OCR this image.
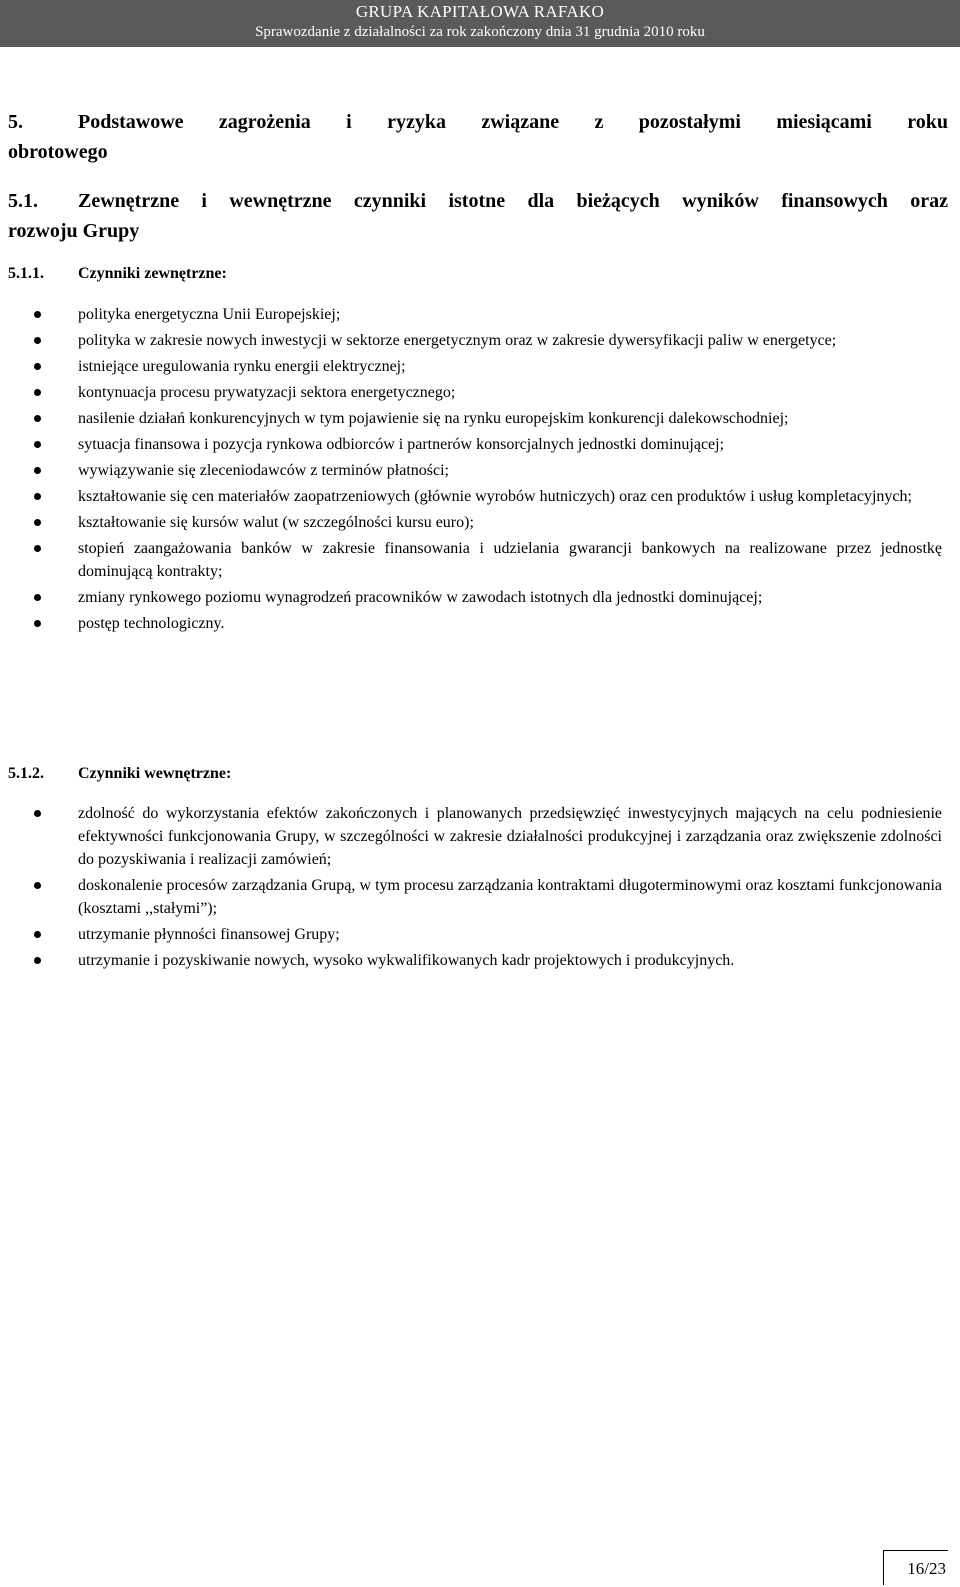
GRUPA KAPITAŁOWA RAFAKO
Sprawozdanie z działalności za rok zakończony dnia 31 grudnia 2010 roku
5.	Podstawowe zagrożenia i ryzyka związane z pozostałymi miesiącami roku
obrotowego
5.1. Zewnętrzne i wewnętrzne czynniki istotne dla bieżących wyników finansowych oraz
rozwoju Grupy
5.1.1. Czynniki zewnętrzne:
polityka energetyczna Unii Europejskiej;
polityka w zakresie nowych inwestycji w sektorze energetycznym oraz w zakresie dywersyfikacji paliw w energetyce;
istniejące uregulowania rynku energii elektrycznej;
kontynuacja procesu prywatyzacji sektora energetycznego;
nasilenie działań konkurencyjnych w tym pojawienie się na rynku europejskim konkurencji dalekowschodniej;
sytuacja finansowa i pozycja rynkowa odbiorców i partnerów konsorcjalnych jednostki dominującej;
wywiązywanie się zleceniodawców z terminów płatności;
kształtowanie się cen materiałów zaopatrzeniowych (głównie wyrobów hutniczych) oraz cen produktów i usług kompletacyjnych;
kształtowanie się kursów walut (w szczególności kursu euro);
stopień zaangażowania banków w zakresie finansowania i udzielania gwarancji bankowych na realizowane przez jednostkę dominującą kontrakty;
zmiany rynkowego poziomu wynagrodzeń pracowników w zawodach istotnych dla jednostki dominującej;
postęp technologiczny.
5.1.2. Czynniki wewnętrzne:
zdolność do wykorzystania efektów zakończonych i planowanych przedsięwzięć inwestycyjnych mających na celu podniesienie efektywności funkcjonowania Grupy, w szczególności w zakresie działalności produkcyjnej i zarządzania oraz zwiększenie zdolności do pozyskiwania i realizacji zamówień;
doskonalenie procesów zarządzania Grupą, w tym procesu zarządzania kontraktami długoterminowymi oraz kosztami funkcjonowania (kosztami ,,stałymi”);
utrzymanie płynności finansowej Grupy;
utrzymanie i pozyskiwanie nowych, wysoko wykwalifikowanych kadr projektowych i produkcyjnych.
16/23
